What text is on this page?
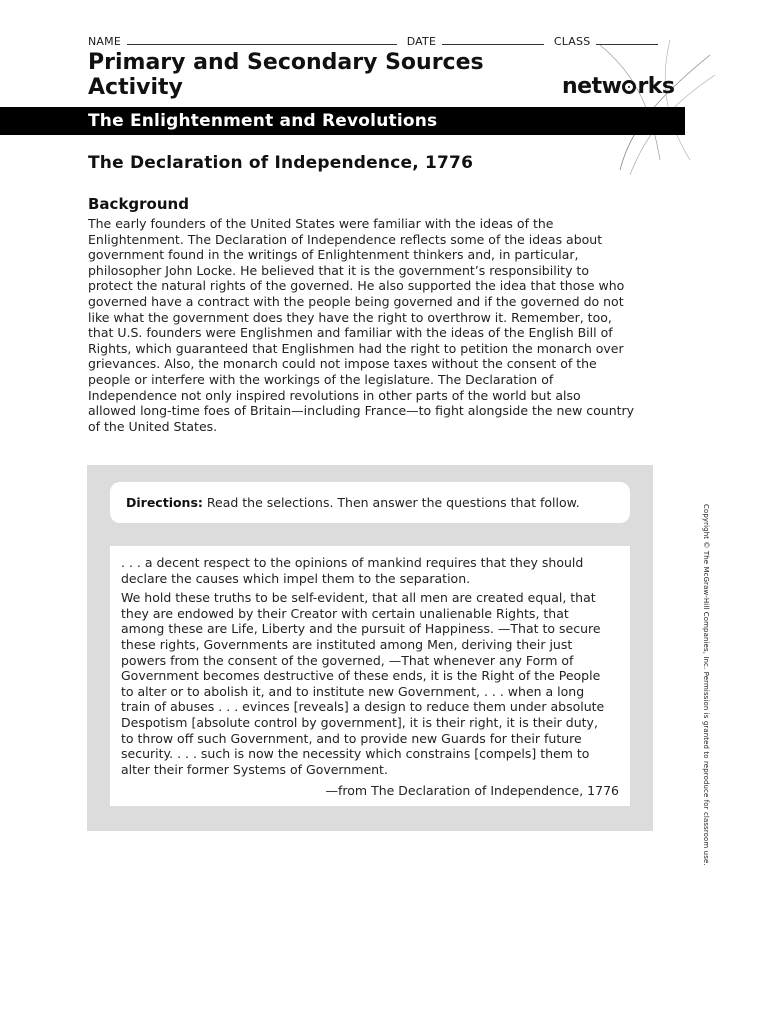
NAME	DATE	CLASS
Primary and Secondary Sources
Activity	netw rks
The Enlightenment and Revolutions
The Declaration of Independence, 1776
Background
The early founders of the United States were familiar with the ideas of the
Enlightenment. The Declaration of Independence reflects some of the ideas about
government found in the writings of Enlightenment thinkers and, in particular,
philosopher John Locke. He believed that it is the government’s responsibility to
protect the natural rights of the governed. He also supported the idea that those who
governed have a contract with the people being governed and if the governed do not
like what the government does they have the right to overthrow it. Remember, too,
that U.S. founders were Englishmen and familiar with the ideas of the English Bill of
Rights, which guaranteed that Englishmen had the right to petition the monarch over
grievances. Also, the monarch could not impose taxes without the consent of the
people or interfere with the workings of the legislature. The Declaration of
Independence not only inspired revolutions in other parts of the world but also
allowed long-time foes of Britain—including France—to fight alongside the new country
of the United States.
Directions: Read the selections. Then answer the questions that follow.
. . . a decent respect to the opinions of mankind requires that they should
declare the causes which impel them to the separation.
We hold these truths to be self-evident, that all men are created equal, that
they are endowed by their Creator with certain unalienable Rights, that
among these are Life, Liberty and the pursuit of Happiness. —That to secure
these rights, Governments are instituted among Men, deriving their just
powers from the consent of the governed, —That whenever any Form of
Government becomes destructive of these ends, it is the Right of the People
to alter or to abolish it, and to institute new Government, . . . when a long
train of abuses . . . evinces [reveals] a design to reduce them under absolute
Despotism [absolute control by government], it is their right, it is their duty,
to throw off such Government, and to provide new Guards for their future
security. . . . such is now the necessity which constrains [compels] them to
alter their former Systems of Government.
—from The Declaration of Independence, 1776	Copyright © The McGraw-Hill Companies, Inc. Permission is granted to reproduce for classroom use.
